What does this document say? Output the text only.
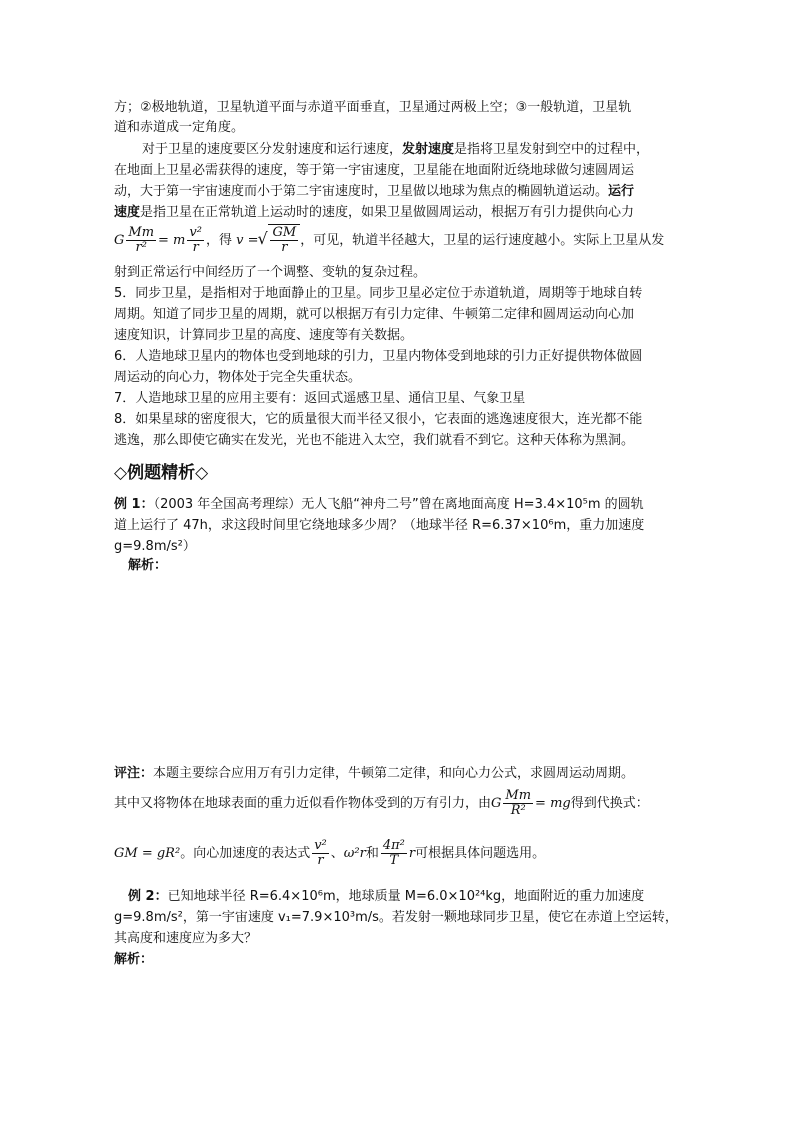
方；②极地轨道，卫星轨道平面与赤道平面垂直，卫星通过两极上空；③一般轨道，卫星轨
道和赤道成一定角度。
对于卫星的速度要区分发射速度和运行速度，发射速度是指将卫星发射到空中的过程中，
在地面上卫星必需获得的速度，等于第一宇宙速度，卫星能在地面附近绕地球做匀速圆周运
动，大于第一宇宙速度而小于第二宇宙速度时，卫星做以地球为焦点的椭圆轨道运动。运行
速度是指卫星在正常轨道上运动时的速度，如果卫星做圆周运动，根据万有引力提供向心力
G $\frac{Mm}{\text{r²}} = m \frac{\text{v²}}{r}$ ，得 v =
√ $\frac{GM}{r}$ ，可见，轨道半径越大，卫星的运行速度越小。实际上卫星从发
射到正常运行中间经历了一个调整、变轨的复杂过程。
5．同步卫星，是指相对于地面静止的卫星。同步卫星必定位于赤道轨道，周期等于地球自转
周期。知道了同步卫星的周期，就可以根据万有引力定律、牛顿第二定律和圆周运动向心加
速度知识，计算同步卫星的高度、速度等有关数据。
6．人造地球卫星内的物体也受到地球的引力，卫星内物体受到地球的引力正好提供物体做圆
周运动的向心力，物体处于完全失重状态。
7．人造地球卫星的应用主要有：返回式遥感卫星、通信卫星、气象卫星
8．如果星球的密度很大，它的质量很大而半径又很小，它表面的逃逸速度很大，连光都不能
逃逸，那么即使它确实在发光，光也不能进入太空，我们就看不到它。这种天体称为黑洞。
◇例题精析◇
例 1：（2003 年全国高考理综）无人飞船“神舟二号”曾在离地面高度 H=3.4×10⁵m 的圆轨
道上运行了 47h，求这段时间里它绕地球多少周？（地球半径 R=6.37×10⁶m，重力加速度
g=9.8m/s²）
解析：
评注：本题主要综合应用万有引力定律，牛顿第二定律，和向心力公式，求圆周运动周期。
其中又将物体在地球表面的重力近似看作物体受到的万有引力，由G $\frac{Mm}{\text{R²}}$ = mg得到代换式：
GM = gR²。向心加速度的表达式 $\frac{\text{v²}}{r}$ 、ω²r和 $\frac{\text{4π²}}{T}$ r可根据具体问题选用。
例 2：已知地球半径 R=6.4×10⁶m，地球质量 M=6.0×10²⁴kg，地面附近的重力加速度
g=9.8m/s²，第一宇宙速度 v₁=7.9×10³m/s。若发射一颗地球同步卫星，使它在赤道上空运转，
其高度和速度应为多大？
解析：
